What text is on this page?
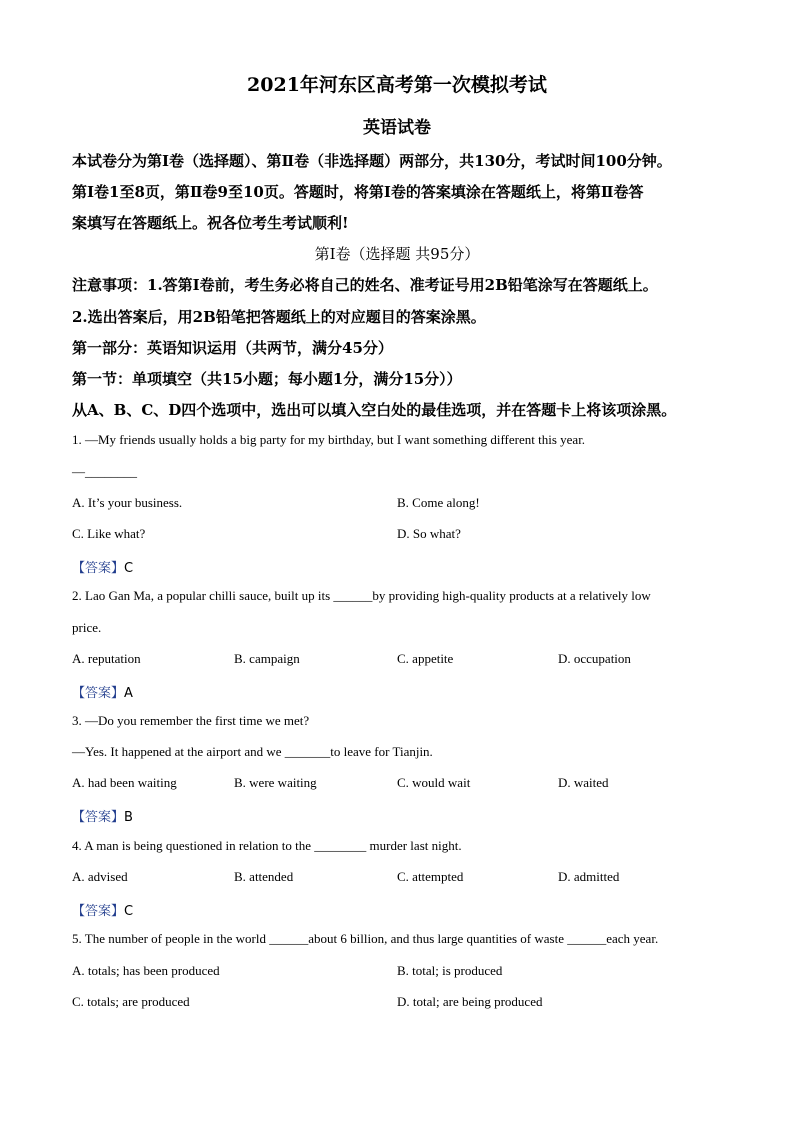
2021年河东区高考第一次模拟考试
英语试卷
本试卷分为第Ⅰ卷（选择题）、第Ⅱ卷（非选择题）两部分，共130分，考试时间100分钟。
第Ⅰ卷1至8页，第Ⅱ卷9至10页。答题时，将第Ⅰ卷的答案填涂在答题纸上，将第Ⅱ卷答
案填写在答题纸上。祝各位考生考试顺利!
第Ⅰ卷（选择题 共95分）
注意事项：1.答第Ⅰ卷前，考生务必将自己的姓名、准考证号用2B铅笔涂写在答题纸上。
2.选出答案后，用2B铅笔把答题纸上的对应题目的答案涂黑。
第一部分：英语知识运用（共两节，满分45分）
第一节：单项填空（共15小题；每小题1分，满分15分））
从A、B、C、D四个选项中，选出可以填入空白处的最佳选项，并在答题卡上将该项涂黑。
1. —My friends usually holds a big party for my birthday, but I want something different this year.
—________
A. It’s your business.	B. Come along!
C. Like what?	D. So what?
【答案】C
2. Lao Gan Ma, a popular chilli sauce, built up its ______by providing high-quality products at a relatively low
price.
A. reputation	B. campaign	C. appetite	D. occupation
【答案】A
3. —Do you remember the first time we met?
—Yes. It happened at the airport and we _______to leave for Tianjin.
A. had been waiting	B. were waiting	C. would wait	D. waited
【答案】B
4. A man is being questioned in relation to the ________ murder last night.
A. advised	B. attended	C. attempted	D. admitted
【答案】C
5. The number of people in the world ______about 6 billion, and thus large quantities of waste ______each year.
A. totals; has been produced	B. total; is produced
C. totals; are produced	D. total; are being produced
